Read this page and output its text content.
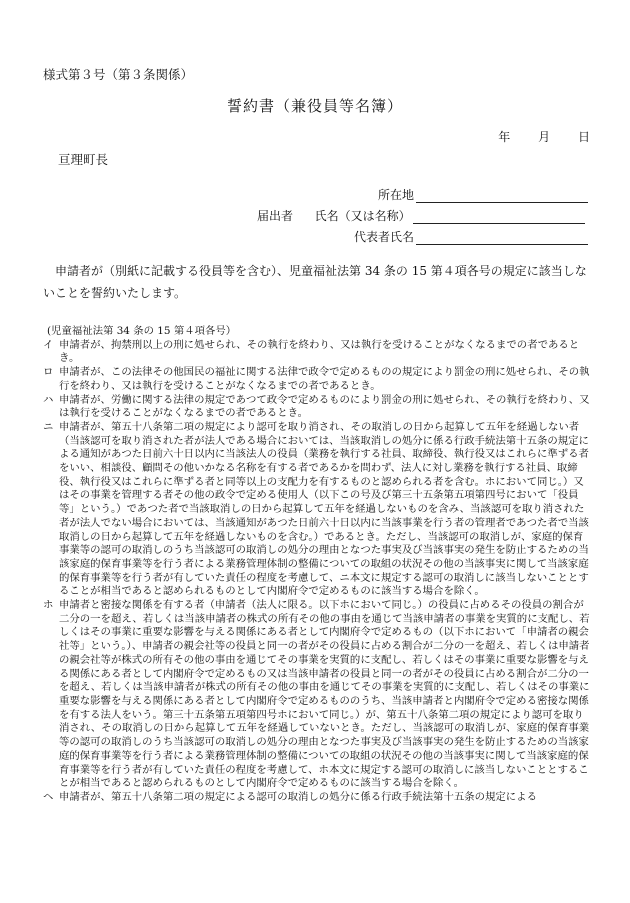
様式第３号（第３条関係）
誓約書（兼役員等名簿）
年 月 日
亘理町長
所在地
届出者 氏名（又は名称）
代表者氏名
申請者が（別紙に記載する役員等を含む）、児童福祉法第 34 条の 15 第４項各号の規定に該当しないことを誓約いたします。
(児童福祉法第 34 条の 15 第４項各号）
イ 申請者が、拘禁刑以上の刑に処せられ、その執行を終わり、又は執行を受けることがなくなるまでの者であるとき。
ロ 申請者が、この法律その他国民の福祉に関する法律で政令で定めるものの規定により罰金の刑に処せられ、その執行を終わり、又は執行を受けることがなくなるまでの者であるとき。
ハ 申請者が、労働に関する法律の規定であつて政令で定めるものにより罰金の刑に処せられ、その執行を終わり、又は執行を受けることがなくなるまでの者であるとき。
ニ 申請者が、第五十八条第二項の規定により認可を取り消され、その取消しの日から起算して五年を経過しない者（当該認可を取り消された者が法人である場合においては、当該取消しの処分に係る行政手続法第十五条の規定による通知があつた日前六十日以内に当該法人の役員（業務を執行する社員、取締役、執行役又はこれらに準ずる者をいい、相談役、顧問その他いかなる名称を有する者であるかを問わず、法人に対し業務を執行する社員、取締役、執行役又はこれらに準ずる者と同等以上の支配力を有するものと認められる者を含む。ホにおいて同じ。）又はその事業を管理する者その他の政令で定める使用人（以下この号及び第三十五条第五項第四号において「役員等」という。）であつた者で当該取消しの日から起算して五年を経過しないものを含み、当該認可を取り消された者が法人でない場合においては、当該通知があつた日前六十日以内に当該事業を行う者の管理者であつた者で当該取消しの日から起算して五年を経過しないものを含む。）であるとき。ただし、当該認可の取消しが、家庭的保育事業等の認可の取消しのうち当該認可の取消しの処分の理由となつた事実及び当該事実の発生を防止するための当該家庭的保育事業等を行う者による業務管理体制の整備についての取組の状況その他の当該事実に関して当該家庭的保育事業等を行う者が有していた責任の程度を考慮して、ニ本文に規定する認可の取消しに該当しないこととすることが相当であると認められるものとして内閣府令で定めるものに該当する場合を除く。
ホ 申請者と密接な関係を有する者（申請者（法人に限る。以下ホにおいて同じ。）の役員に占めるその役員の割合が二分の一を超え、若しくは当該申請者の株式の所有その他の事由を通じて当該申請者の事業を実質的に支配し、若しくはその事業に重要な影響を与える関係にある者として内閣府令で定めるもの（以下ホにおいて「申請者の親会社等」という。）、申請者の親会社等の役員と同一の者がその役員に占める割合が二分の一を超え、若しくは申請者の親会社等が株式の所有その他の事由を通じてその事業を実質的に支配し、若しくはその事業に重要な影響を与える関係にある者として内閣府令で定めるもの又は当該申請者の役員と同一の者がその役員に占める割合が二分の一を超え、若しくは当該申請者が株式の所有その他の事由を通じてその事業を実質的に支配し、若しくはその事業に重要な影響を与える関係にある者として内閣府令で定めるもののうち、当該申請者と内閣府令で定める密接な関係を有する法人をいう。第三十五条第五項第四号ホにおいて同じ。）が、第五十八条第二項の規定により認可を取り消され、その取消しの日から起算して五年を経過していないとき。ただし、当該認可の取消しが、家庭的保育事業等の認可の取消しのうち当該認可の取消しの処分の理由となつた事実及び当該事実の発生を防止するための当該家庭的保育事業等を行う者による業務管理体制の整備についての取組の状況その他の当該事実に関して当該家庭的保育事業等を行う者が有していた責任の程度を考慮して、ホ本文に規定する認可の取消しに該当しないこととすることが相当であると認められるものとして内閣府令で定めるものに該当する場合を除く。
ヘ 申請者が、第五十八条第二項の規定による認可の取消しの処分に係る行政手続法第十五条の規定による
